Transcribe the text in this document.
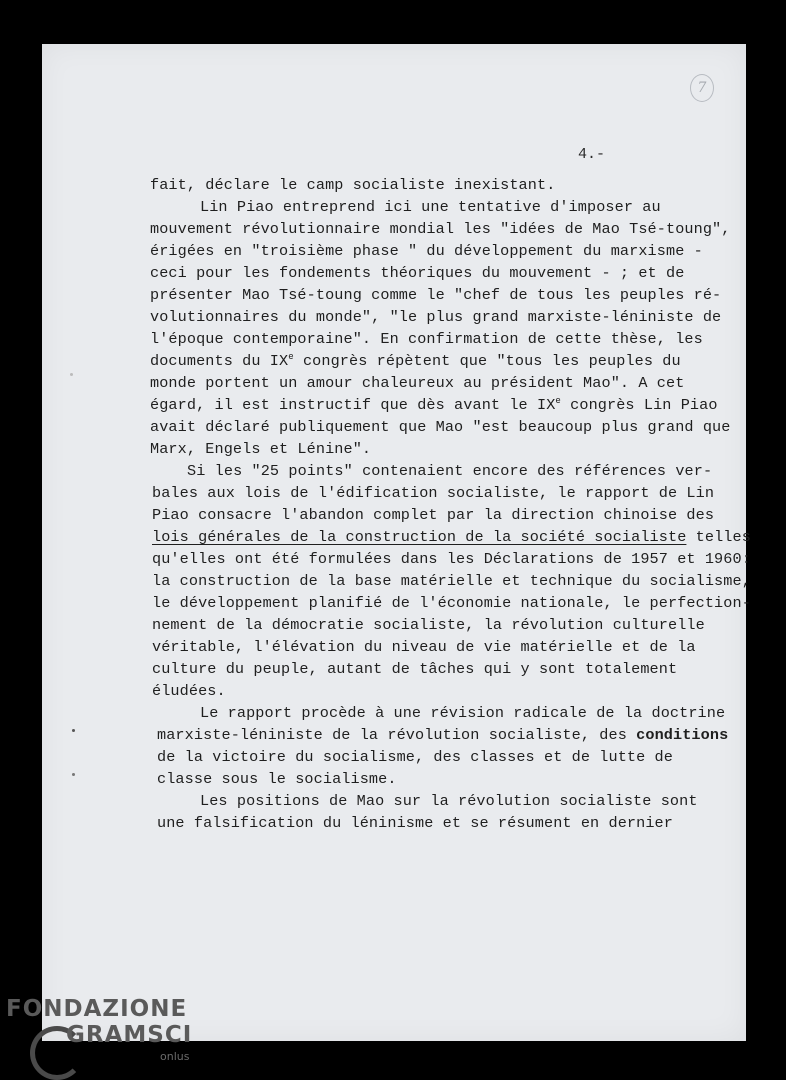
7
4.-
fait, déclare le camp socialiste inexistant.
Lin Piao entreprend ici une tentative d'imposer au
mouvement révolutionnaire mondial les "idées de Mao Tsé-toung",
érigées en "troisième phase " du développement du marxisme -
ceci pour les fondements théoriques du mouvement - ; et de
présenter Mao Tsé-toung comme le "chef de tous les peuples ré-
volutionnaires du monde", "le plus grand marxiste-léniniste de
l'époque contemporaine". En confirmation de cette thèse, les
documents du IXe congrès répètent que "tous les peuples du
monde portent un amour chaleureux au président Mao". A cet
égard, il est instructif que dès avant le IXe congrès Lin Piao
avait déclaré publiquement que Mao "est beaucoup plus grand que
Marx, Engels et Lénine".
Si les "25 points" contenaient encore des références ver-
bales aux lois de l'édification socialiste, le rapport de Lin
Piao consacre l'abandon complet par la direction chinoise des
lois générales de la construction de la société socialiste telles
qu'elles ont été formulées dans les Déclarations de 1957 et 1960:
la construction de la base matérielle et technique du socialisme,
le développement planifié de l'économie nationale, le perfection-
nement de la démocratie socialiste, la révolution culturelle
véritable, l'élévation du niveau de vie matérielle et de la
culture du peuple, autant de tâches qui y sont totalement
éludées.
Le rapport procède à une révision radicale de la doctrine
marxiste-léniniste de la révolution socialiste, des conditions
de la victoire du socialisme, des classes et de lutte de
classe sous le socialisme.
Les positions de Mao sur la révolution socialiste sont
une falsification du léninisme et se résument en dernier
FONDAZIONE
GRAMSCI
onlus
